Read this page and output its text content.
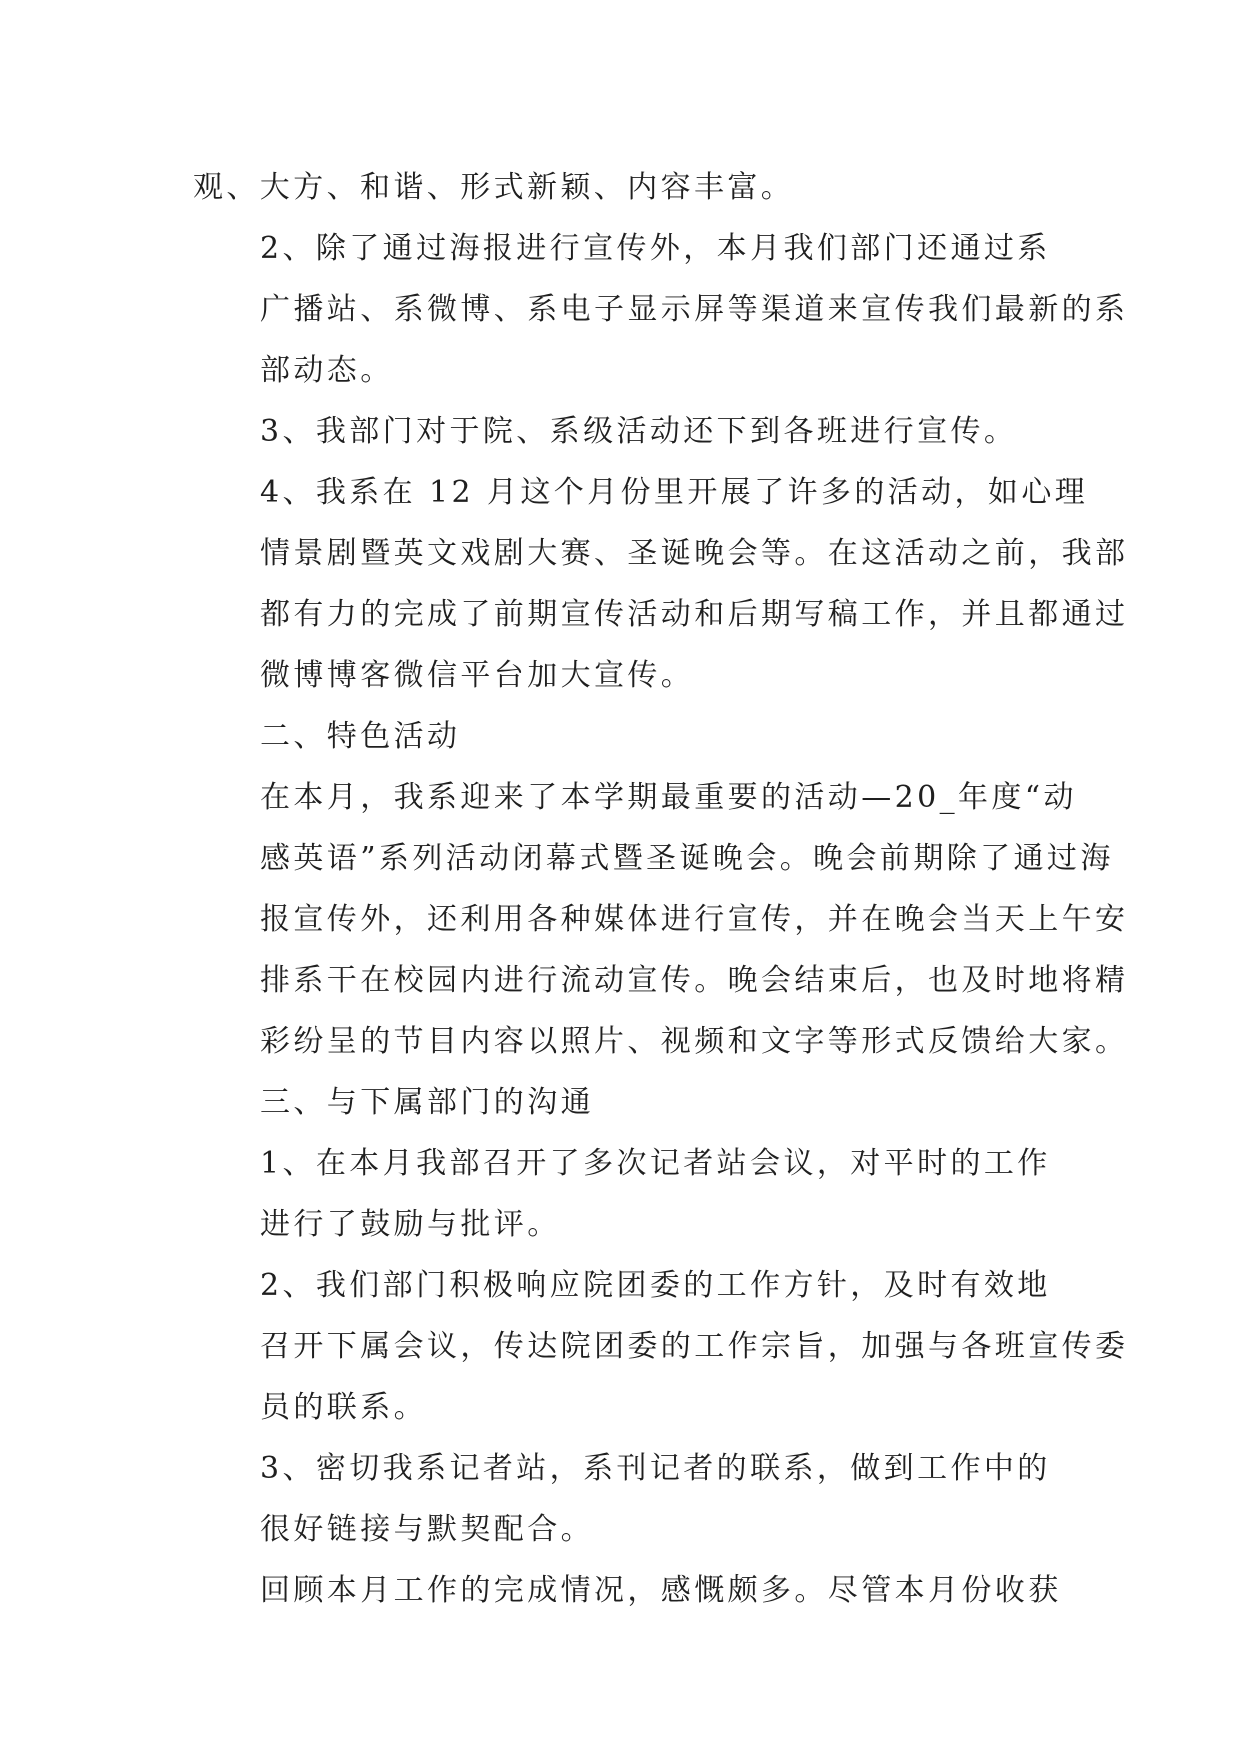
观、大方、和谐、形式新颖、内容丰富。

2、除了通过海报进行宣传外，本月我们部门还通过系
广播站、系微博、系电子显示屏等渠道来宣传我们最新的系
部动态。

3、我部门对于院、系级活动还下到各班进行宣传。

4、我系在 12 月这个月份里开展了许多的活动，如心理
情景剧暨英文戏剧大赛、圣诞晚会等。在这活动之前，我部
都有力的完成了前期宣传活动和后期写稿工作，并且都通过
微博博客微信平台加大宣传。

二、特色活动

在本月，我系迎来了本学期最重要的活动—20_年度“动
感英语”系列活动闭幕式暨圣诞晚会。晚会前期除了通过海
报宣传外，还利用各种媒体进行宣传，并在晚会当天上午安
排系干在校园内进行流动宣传。晚会结束后，也及时地将精
彩纷呈的节目内容以照片、视频和文字等形式反馈给大家。

三、与下属部门的沟通

1、在本月我部召开了多次记者站会议，对平时的工作
进行了鼓励与批评。

2、我们部门积极响应院团委的工作方针，及时有效地
召开下属会议，传达院团委的工作宗旨，加强与各班宣传委
员的联系。

3、密切我系记者站，系刊记者的联系，做到工作中的
很好链接与默契配合。

回顾本月工作的完成情况，感慨颇多。尽管本月份收获
